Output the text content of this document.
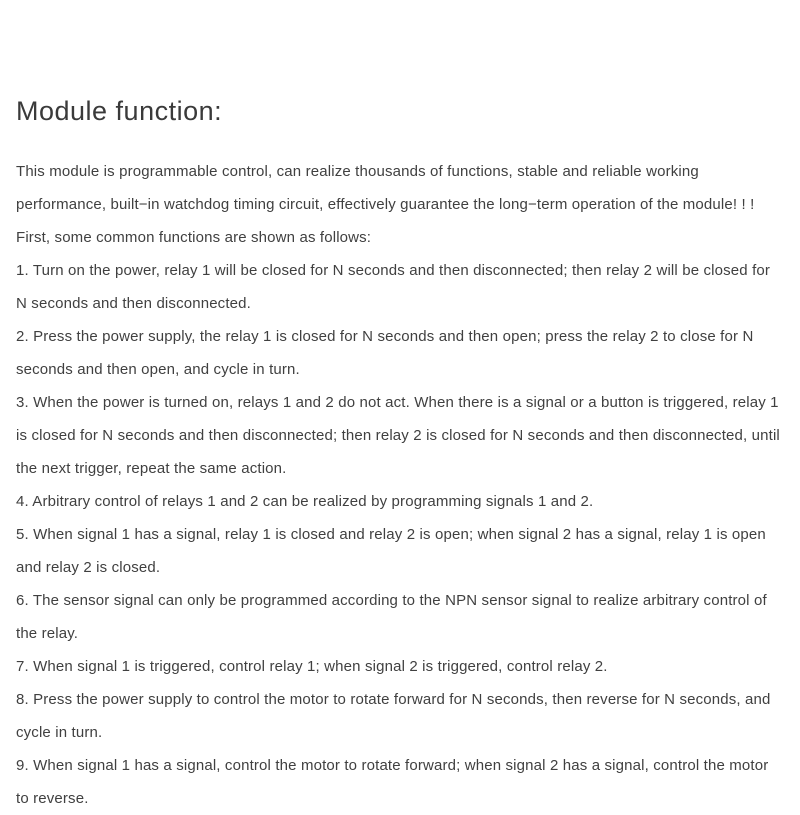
Module function:

This module is programmable control, can realize thousands of functions, stable and reliable working performance, built−in watchdog timing circuit, effectively guarantee the long−term operation of the module! ! !

First, some common functions are shown as follows:

1. Turn on the power, relay 1 will be closed for N seconds and then disconnected; then relay 2 will be closed for N seconds and then disconnected.

2. Press the power supply, the relay 1 is closed for N seconds and then open; press the relay 2 to close for N seconds and then open, and cycle in turn.

3. When the power is turned on, relays 1 and 2 do not act. When there is a signal or a button is triggered, relay 1 is closed for N seconds and then disconnected; then relay 2 is closed for N seconds and then disconnected, until the next trigger, repeat the same action.

4. Arbitrary control of relays 1 and 2 can be realized by programming signals 1 and 2.

5. When signal 1 has a signal, relay 1 is closed and relay 2 is open; when signal 2 has a signal, relay 1 is open and relay 2 is closed.

6. The sensor signal can only be programmed according to the NPN sensor signal to realize arbitrary control of the relay.

7. When signal 1 is triggered, control relay 1; when signal 2 is triggered, control relay 2.

8. Press the power supply to control the motor to rotate forward for N seconds, then reverse for N seconds, and cycle in turn.

9. When signal 1 has a signal, control the motor to rotate forward; when signal 2 has a signal, control the motor to reverse.
